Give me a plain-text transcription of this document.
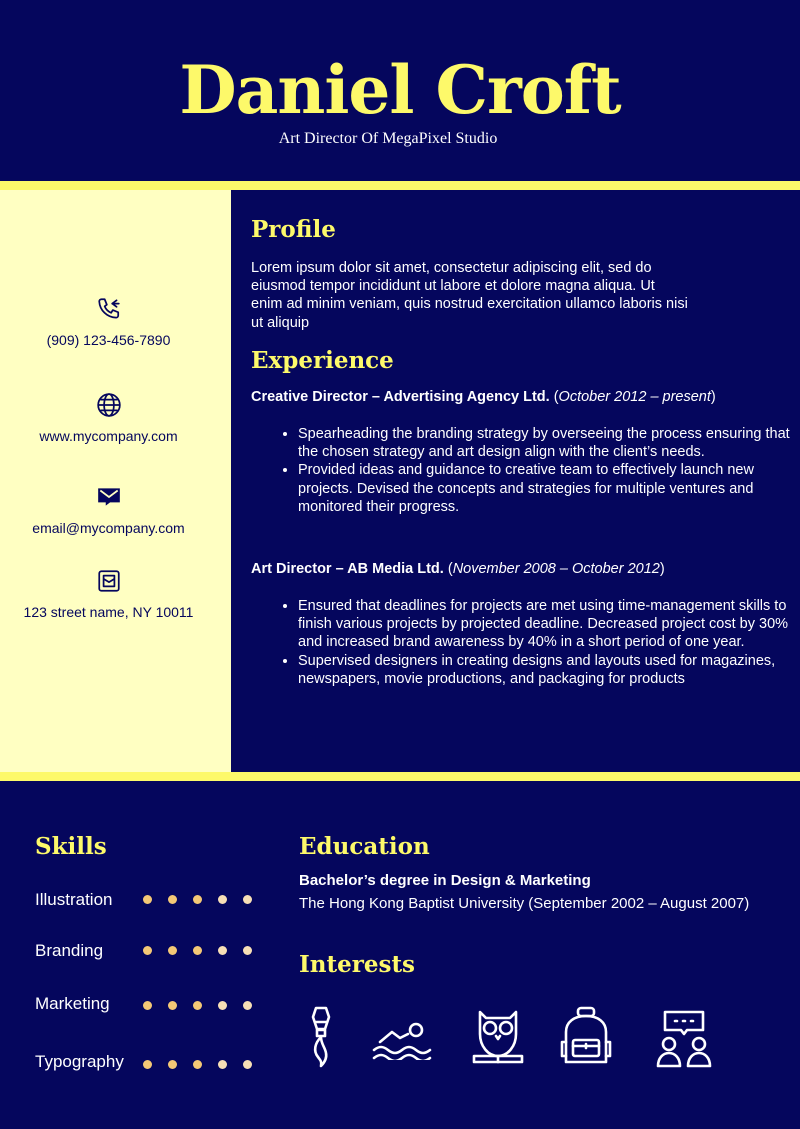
Daniel Croft
Art Director Of MegaPixel Studio
(909) 123-456-7890
www.mycompany.com
email@mycompany.com
123 street name, NY 10011
Profile
Lorem ipsum dolor sit amet, consectetur adipiscing elit, sed do
eiusmod tempor incididunt ut labore et dolore magna aliqua. Ut
enim ad minim veniam, quis nostrud exercitation ullamco laboris nisi
ut aliquip
Experience
Creative Director – Advertising Agency Ltd. (October 2012 – present)
• Spearheading the branding strategy by overseeing the process ensuring that the chosen strategy and art design align with the client’s needs.
• Provided ideas and guidance to creative team to effectively launch new projects. Devised the concepts and strategies for multiple ventures and monitored their progress.
Art Director – AB Media Ltd. (November 2008 – October 2012)
• Ensured that deadlines for projects are met using time-management skills to finish various projects by projected deadline. Decreased project cost by 30% and increased brand awareness by 40% in a short period of one year.
• Supervised designers in creating designs and layouts used for magazines, newspapers, movie productions, and packaging for products
Skills
Illustration
Branding
Marketing
Typography
Education
Bachelor’s degree in Design & Marketing
The Hong Kong Baptist University (September 2002 – August 2007)
Interests
